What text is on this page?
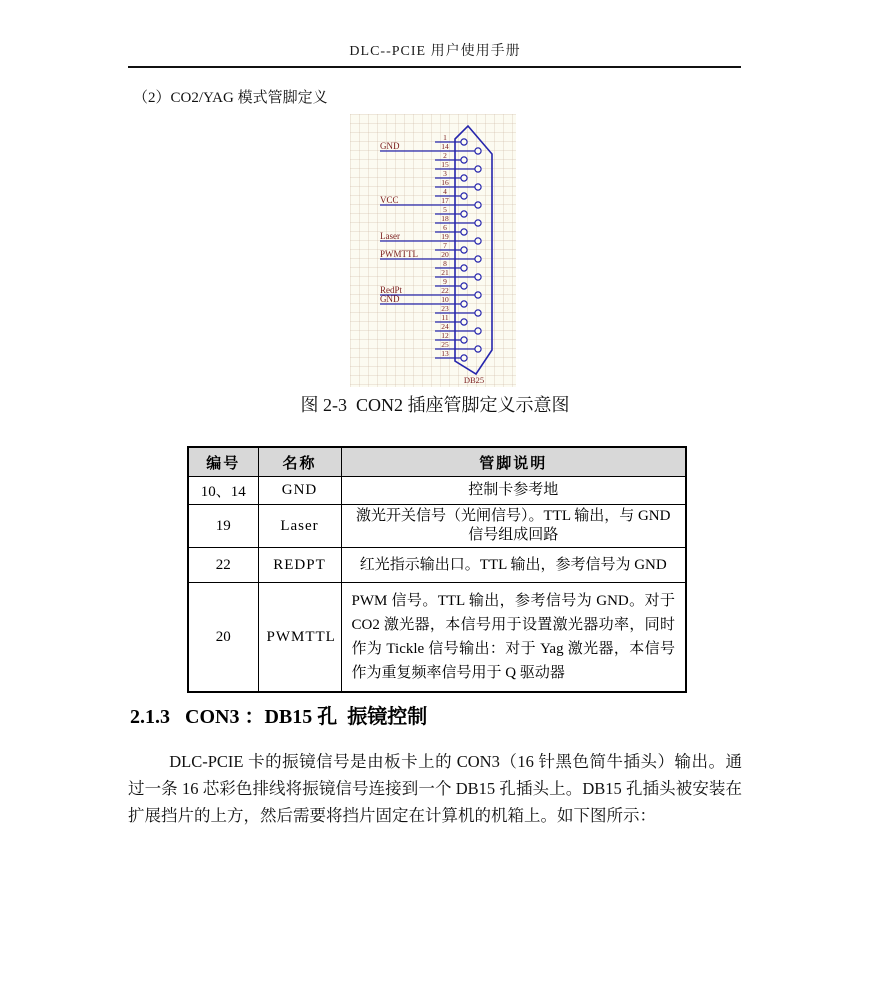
DLC--PCIE 用户使用手册
（2）CO2/YAG 模式管脚定义
1
14
GND
2
15
3
16
4
17
VCC
5
18
6
19
Laser
7
20
PWMTTL
8
21
9
22
RedPt
10
GND
23
11
24
12
25
13
DB25
图 2-3  CON2 插座管脚定义示意图
编号	名称	管脚说明
10、14	GND	控制卡参考地
19	Laser	激光开关信号（光闸信号）。TTL 输出，与 GND 信号组成回路
22	REDPT	红光指示输出口。TTL 输出，参考信号为 GND
20	PWMTTL	PWM 信号。TTL 输出，参考信号为 GND。对于 CO2 激光器，本信号用于设置激光器功率，同时作为 Tickle 信号输出：对于 Yag 激光器，本信号作为重复频率信号用于 Q 驱动器
2.1.3   CON3 ：DB15 孔  振镜控制

DLC-PCIE 卡的振镜信号是由板卡上的 CON3（16 针黑色简牛插头）输出。通过一条 16 芯彩色排线将振镜信号连接到一个 DB15 孔插头上。DB15 孔插头被安装在扩展挡片的上方，然后需要将挡片固定在计算机的机箱上。如下图所示：
